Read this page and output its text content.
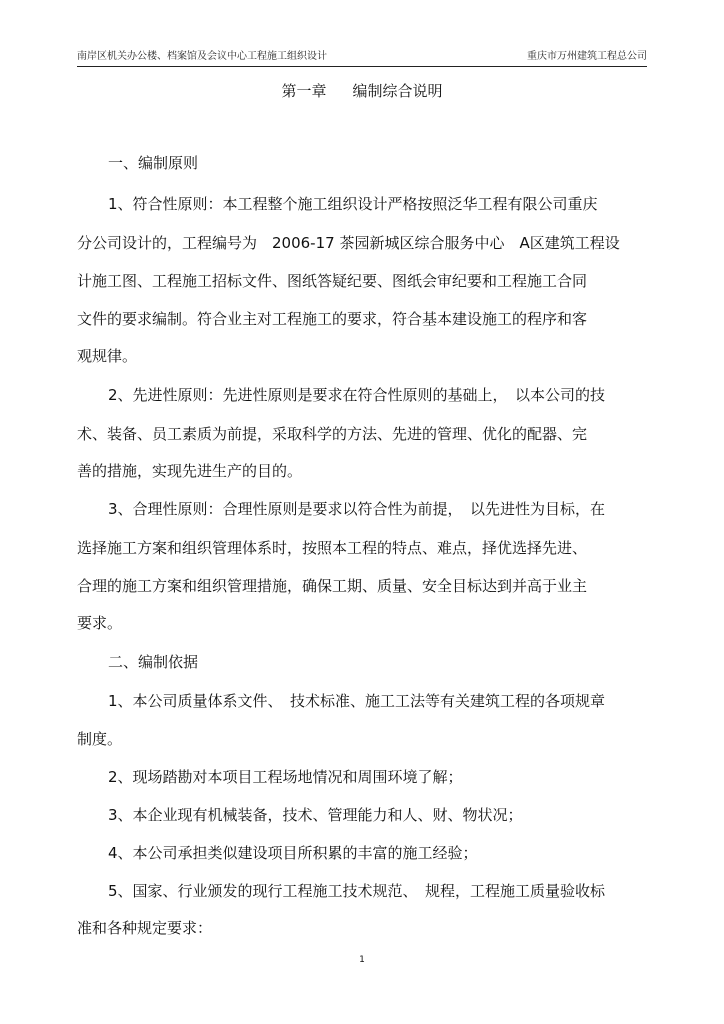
南岸区机关办公楼、档案馆及会议中心工程施工组织设计	重庆市万州建筑工程总公司
第一章 编制综合说明
一、编制原则
1、符合性原则：本工程整个施工组织设计严格按照泛华工程有限公司重庆
分公司设计的，工程编号为　2006-17 茶园新城区综合服务中心　A区建筑工程设
计施工图、工程施工招标文件、图纸答疑纪要、图纸会审纪要和工程施工合同
文件的要求编制。符合业主对工程施工的要求，符合基本建设施工的程序和客
观规律。
2、先进性原则：先进性原则是要求在符合性原则的基础上，　以本公司的技
术、装备、员工素质为前提，采取科学的方法、先进的管理、优化的配器、完
善的措施，实现先进生产的目的。
3、合理性原则：合理性原则是要求以符合性为前提，　以先进性为目标，在
选择施工方案和组织管理体系时，按照本工程的特点、难点，择优选择先进、
合理的施工方案和组织管理措施，确保工期、质量、安全目标达到并高于业主
要求。
二、编制依据
1、本公司质量体系文件、　技术标准、施工工法等有关建筑工程的各项规章
制度。
2、现场踏勘对本项目工程场地情况和周围环境了解；
3、本企业现有机械装备，技术、管理能力和人、财、物状况；
4、本公司承担类似建设项目所积累的丰富的施工经验；
5、国家、行业颁发的现行工程施工技术规范、　规程，工程施工质量验收标
准和各种规定要求：
1
